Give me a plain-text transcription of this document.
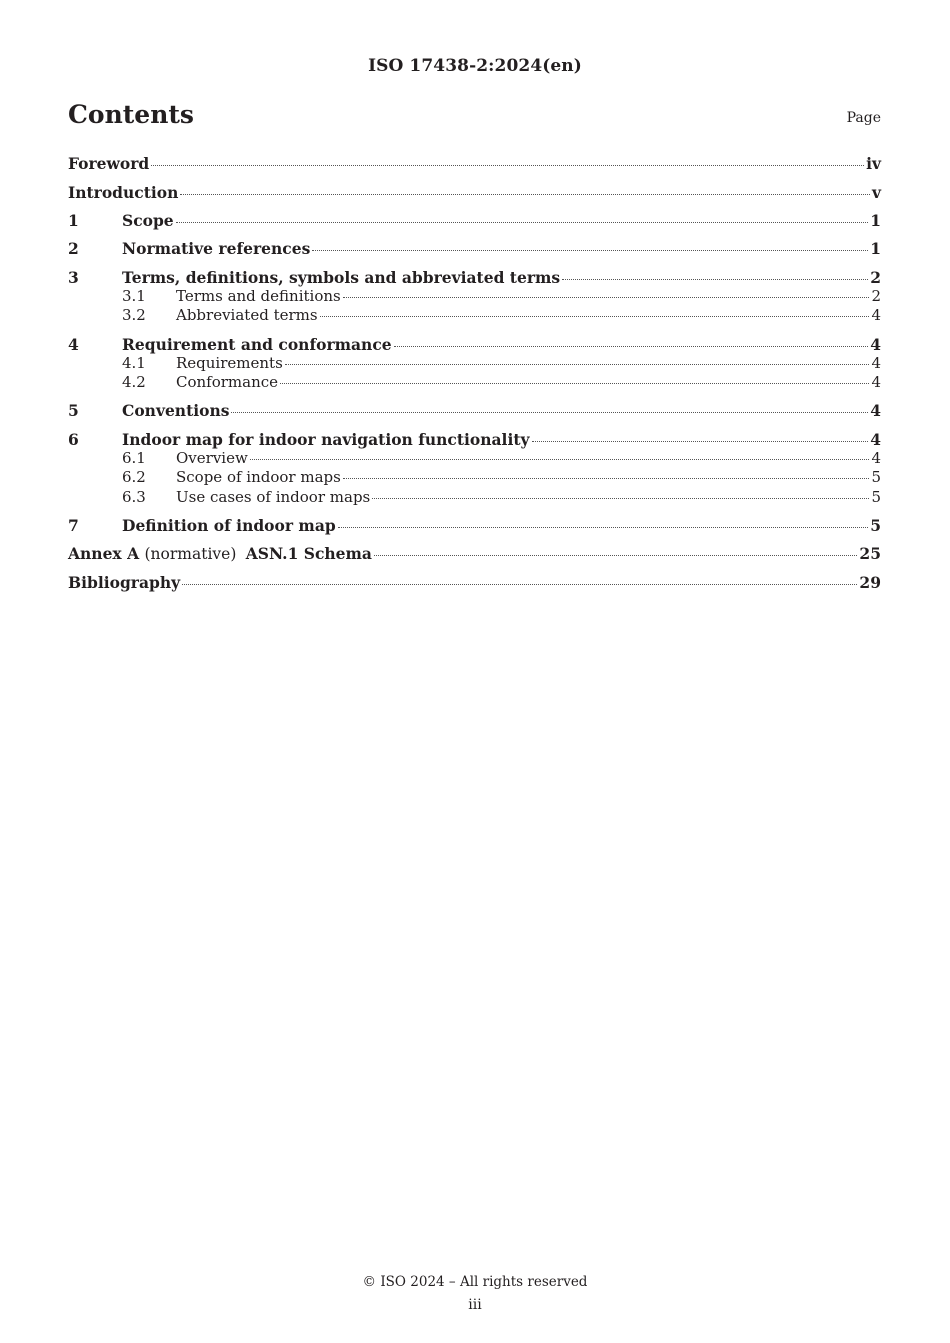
ISO 17438-2:2024(en)
Contents	Page
Foreword	iv
Introduction	v
1	Scope	1
2	Normative references	1
3	Terms, definitions, symbols and abbreviated terms	2
3.1	Terms and definitions	2
3.2	Abbreviated terms	4
4	Requirement and conformance	4
4.1	Requirements	4
4.2	Conformance	4
5	Conventions	4
6	Indoor map for indoor navigation functionality	4
6.1	Overview	4
6.2	Scope of indoor maps	5
6.3	Use cases of indoor maps	5
7	Definition of indoor map	5
Annex A (normative) ASN.1 Schema	25
Bibliography	29
© ISO 2024 – All rights reserved
iii
